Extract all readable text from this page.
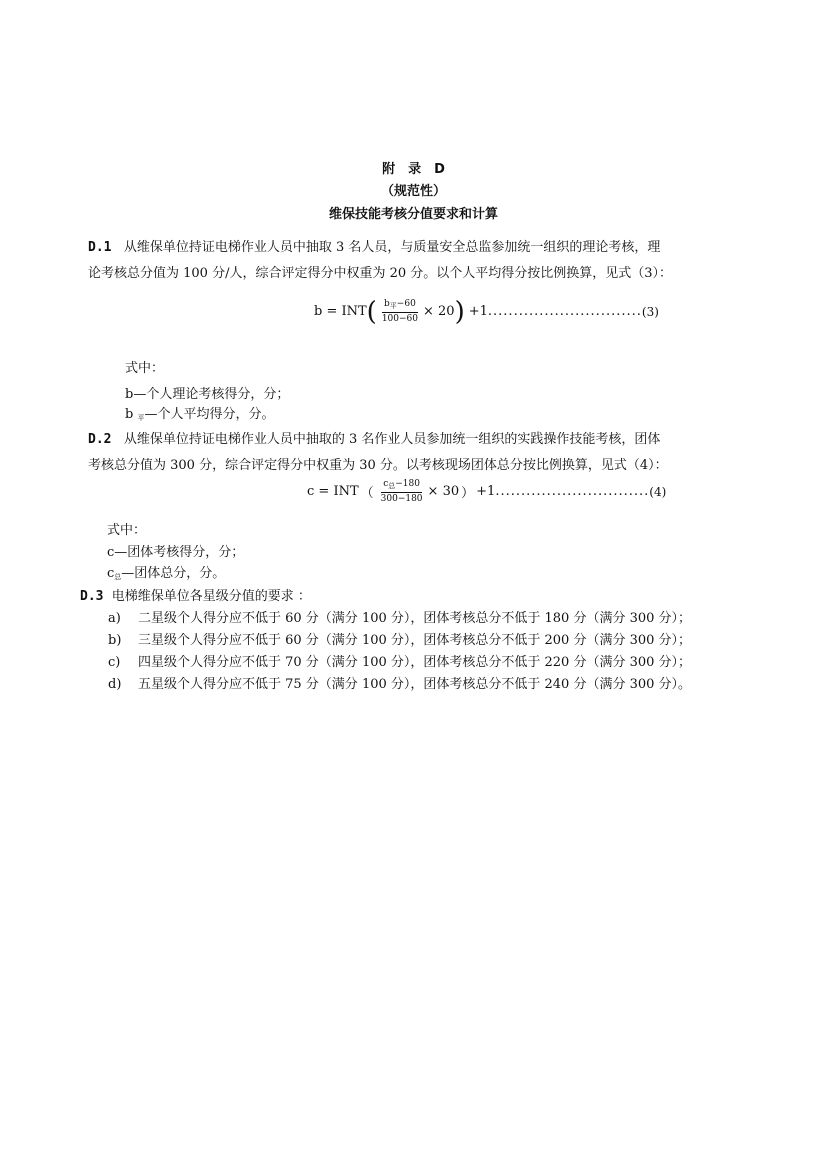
附　录　D
（规范性）
维保技能考核分值要求和计算
D.1 从维保单位持证电梯作业人员中抽取 3 名人员，与质量安全总监参加统一组织的理论考核，理
论考核总分值为 100 分/人，综合评定得分中权重为 20 分。以个人平均得分按比例换算，见式（3）：
b = INT ( $\frac{b_平-60}{100-60} \times 20$ ) +1 .............................. (3)
式中：
b—个人理论考核得分，分；
b $_平$—个人平均得分，分。
D.2 从维保单位持证电梯作业人员中抽取的 3 名作业人员参加统一组织的实践操作技能考核，团体
考核总分值为 300 分，综合评定得分中权重为 30 分。以考核现场团体总分按比例换算，见式（4）：
c = INT （ $\frac{c_总-180}{300-180} \times 30$ ） +1 .............................. (4)
式中：
c—团体考核得分，分；
$c_总—$团体总分，分。
D.3 电梯维保单位各星级分值的要求 ：
a) 二星级个人得分应不低于 60 分（满分 100 分），团体考核总分不低于 180 分（满分 300 分）；
b) 三星级个人得分应不低于 60 分（满分 100 分），团体考核总分不低于 200 分（满分 300 分）；
c) 四星级个人得分应不低于 70 分（满分 100 分），团体考核总分不低于 220 分（满分 300 分）；
d) 五星级个人得分应不低于 75 分（满分 100 分），团体考核总分不低于 240 分（满分 300 分）。
